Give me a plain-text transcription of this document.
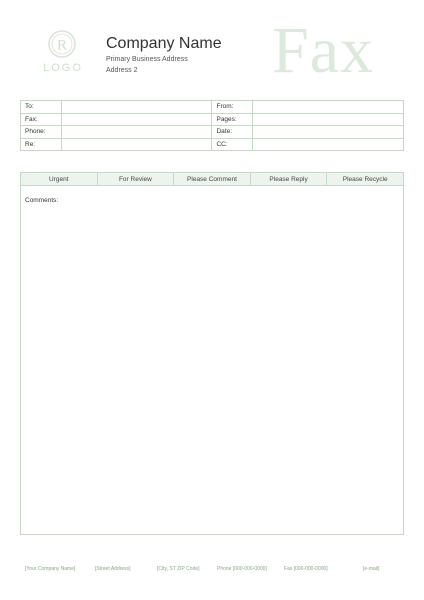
R
LOGO
Company Name
Primary Business Address
Address 2 Fax
To:		From:	
Fax:		Pages:	
Phone:		Date:	
Re:		CC:	
Urgent	For Review	Please Comment	Please Reply	Please Recycle
Comments:
[Your Company Name]	[Street Address]	[City, ST ZIP Code]	Phone [000-000-0000]	Fax [000-000-0000]	[e-mail]
